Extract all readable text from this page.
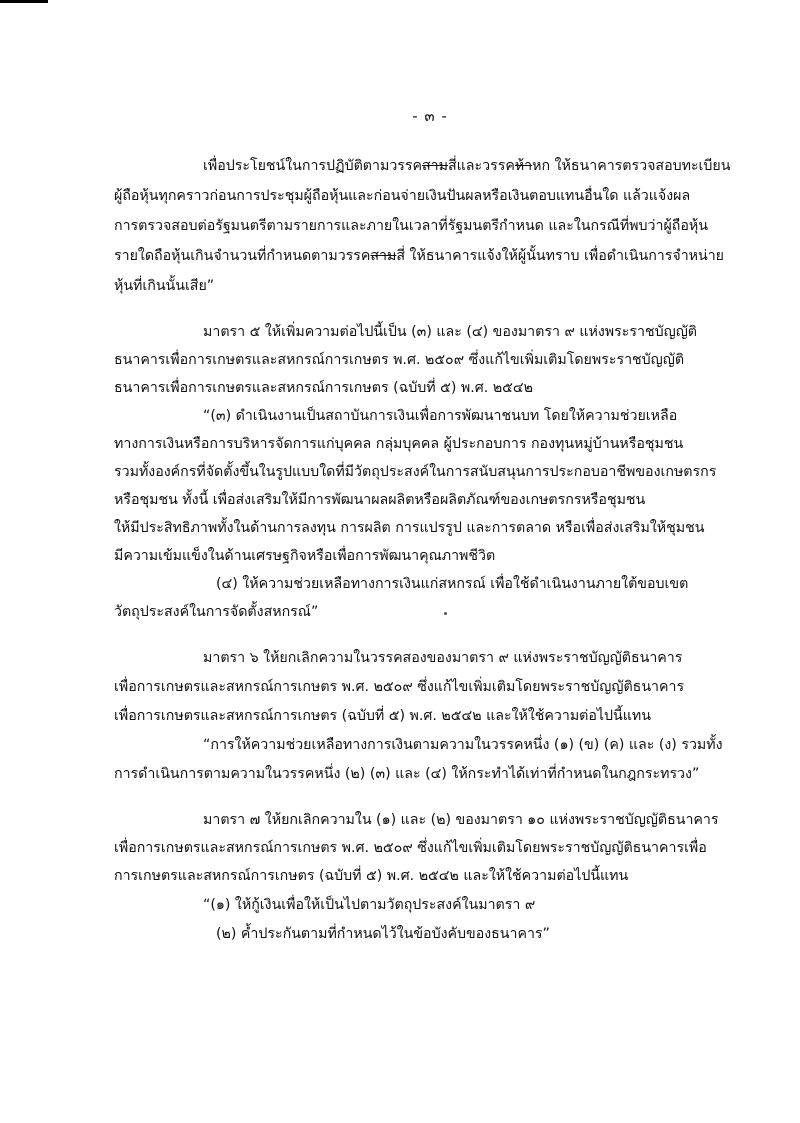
- ๓ -
เพื่อประโยชน์ในการปฏิบัติตามวรรคสามสี่และวรรคห้าหก ให้ธนาคารตรวจสอบทะเบียน
ผู้ถือหุ้นทุกคราวก่อนการประชุมผู้ถือหุ้นและก่อนจ่ายเงินปันผลหรือเงินตอบแทนอื่นใด แล้วแจ้งผล
การตรวจสอบต่อรัฐมนตรีตามรายการและภายในเวลาที่รัฐมนตรีกำหนด และในกรณีที่พบว่าผู้ถือหุ้น
รายใดถือหุ้นเกินจำนวนที่กำหนดตามวรรคสามสี่ ให้ธนาคารแจ้งให้ผู้นั้นทราบ เพื่อดำเนินการจำหน่าย
หุ้นที่เกินนั้นเสีย”
มาตรา ๕ ให้เพิ่มความต่อไปนี้เป็น (๓) และ (๔) ของมาตรา ๙ แห่งพระราชบัญญัติ
ธนาคารเพื่อการเกษตรและสหกรณ์การเกษตร พ.ศ. ๒๕๐๙ ซึ่งแก้ไขเพิ่มเติมโดยพระราชบัญญัติ
ธนาคารเพื่อการเกษตรและสหกรณ์การเกษตร (ฉบับที่ ๕) พ.ศ. ๒๕๔๒
“(๓) ดำเนินงานเป็นสถาบันการเงินเพื่อการพัฒนาชนบท โดยให้ความช่วยเหลือ
ทางการเงินหรือการบริหารจัดการแก่บุคคล กลุ่มบุคคล ผู้ประกอบการ กองทุนหมู่บ้านหรือชุมชน
รวมทั้งองค์กรที่จัดตั้งขึ้นในรูปแบบใดที่มีวัตถุประสงค์ในการสนับสนุนการประกอบอาชีพของเกษตรกร
หรือชุมชน ทั้งนี้ เพื่อส่งเสริมให้มีการพัฒนาผลผลิตหรือผลิตภัณฑ์ของเกษตรกรหรือชุมชน
ให้มีประสิทธิภาพทั้งในด้านการลงทุน การผลิต การแปรรูป และการตลาด หรือเพื่อส่งเสริมให้ชุมชน
มีความเข้มแข็งในด้านเศรษฐกิจหรือเพื่อการพัฒนาคุณภาพชีวิต
(๔) ให้ความช่วยเหลือทางการเงินแก่สหกรณ์ เพื่อใช้ดำเนินงานภายใต้ขอบเขต
วัตถุประสงค์ในการจัดตั้งสหกรณ์”
มาตรา ๖ ให้ยกเลิกความในวรรคสองของมาตรา ๙ แห่งพระราชบัญญัติธนาคาร
เพื่อการเกษตรและสหกรณ์การเกษตร พ.ศ. ๒๕๐๙ ซึ่งแก้ไขเพิ่มเติมโดยพระราชบัญญัติธนาคาร
เพื่อการเกษตรและสหกรณ์การเกษตร (ฉบับที่ ๕) พ.ศ. ๒๕๔๒ และให้ใช้ความต่อไปนี้แทน
“การให้ความช่วยเหลือทางการเงินตามความในวรรคหนึ่ง (๑) (ข) (ค) และ (ง) รวมทั้ง
การดำเนินการตามความในวรรคหนึ่ง (๒) (๓) และ (๔) ให้กระทำได้เท่าที่กำหนดในกฎกระทรวง”
มาตรา ๗ ให้ยกเลิกความใน (๑) และ (๒) ของมาตรา ๑๐ แห่งพระราชบัญญัติธนาคาร
เพื่อการเกษตรและสหกรณ์การเกษตร พ.ศ. ๒๕๐๙ ซึ่งแก้ไขเพิ่มเติมโดยพระราชบัญญัติธนาคารเพื่อ
การเกษตรและสหกรณ์การเกษตร (ฉบับที่ ๕) พ.ศ. ๒๕๔๒ และให้ใช้ความต่อไปนี้แทน
“(๑) ให้กู้เงินเพื่อให้เป็นไปตามวัตถุประสงค์ในมาตรา ๙
(๒) ค้ำประกันตามที่กำหนดไว้ในข้อบังคับของธนาคาร”
